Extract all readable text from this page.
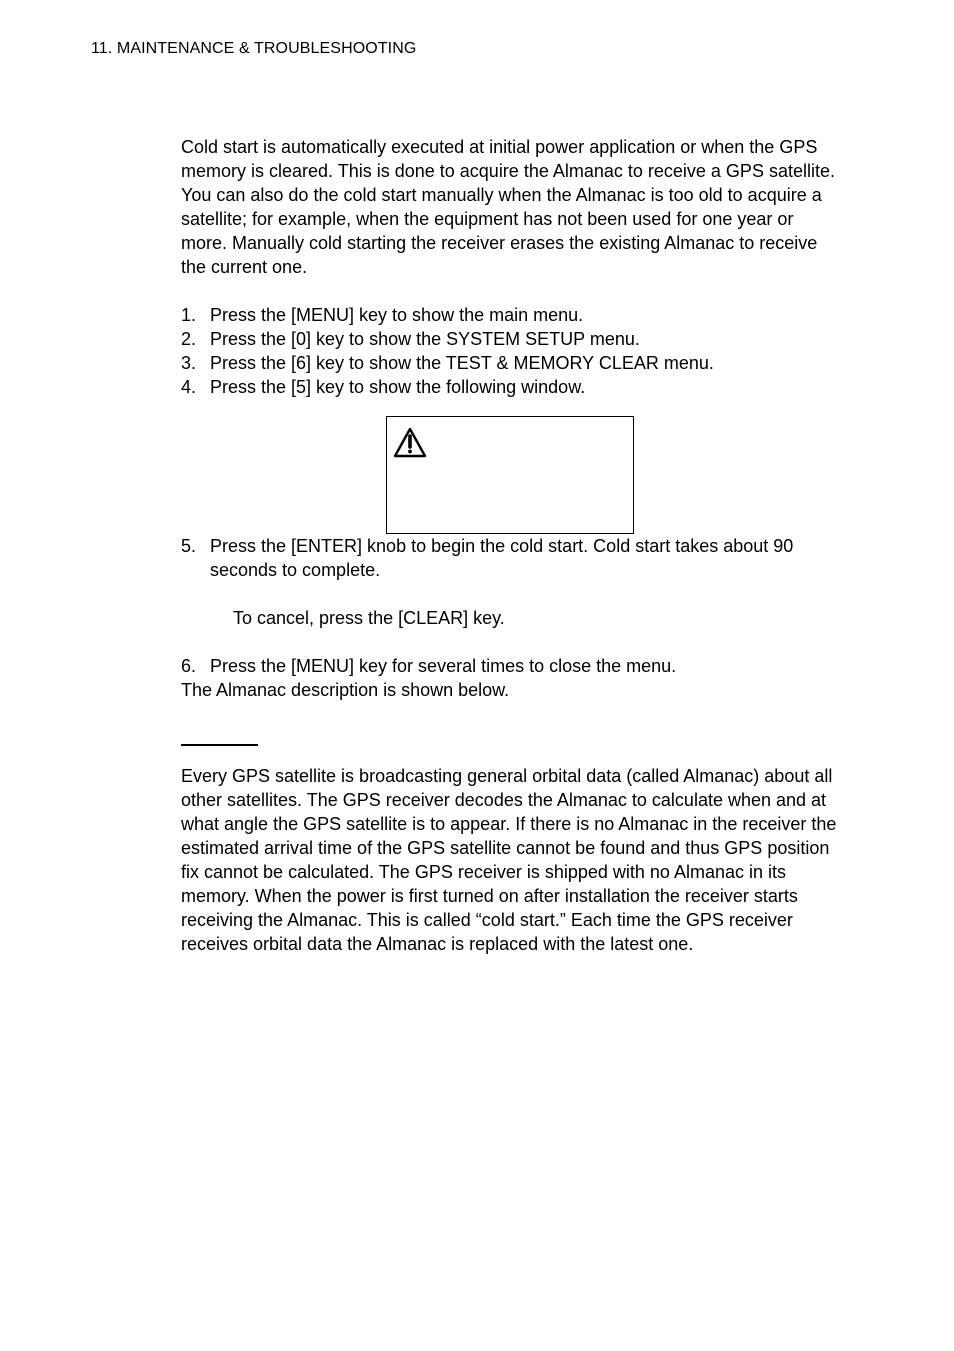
11. MAINTENANCE & TROUBLESHOOTING

Cold start is automatically executed at initial power application or when the GPS memory is cleared. This is done to acquire the Almanac to receive a GPS satellite. You can also do the cold start manually when the Almanac is too old to acquire a satellite; for example, when the equipment has not been used for one year or more. Manually cold starting the receiver erases the existing Almanac to receive the current one.

1. Press the [MENU] key to show the main menu.
2. Press the [0] key to show the SYSTEM SETUP menu.
3. Press the [6] key to show the TEST & MEMORY CLEAR menu.
4. Press the [5] key to show the following window.
5. Press the [ENTER] knob to begin the cold start. Cold start takes about 90 seconds to complete.

To cancel, press the [CLEAR] key.

6. Press the [MENU] key for several times to close the menu.

The Almanac description is shown below.

Every GPS satellite is broadcasting general orbital data (called Almanac) about all other satellites. The GPS receiver decodes the Almanac to calculate when and at what angle the GPS satellite is to appear. If there is no Almanac in the receiver the estimated arrival time of the GPS satellite cannot be found and thus GPS position fix cannot be calculated. The GPS receiver is shipped with no Almanac in its memory. When the power is first turned on after installation the receiver starts receiving the Almanac. This is called “cold start.” Each time the GPS receiver receives orbital data the Almanac is replaced with the latest one.
